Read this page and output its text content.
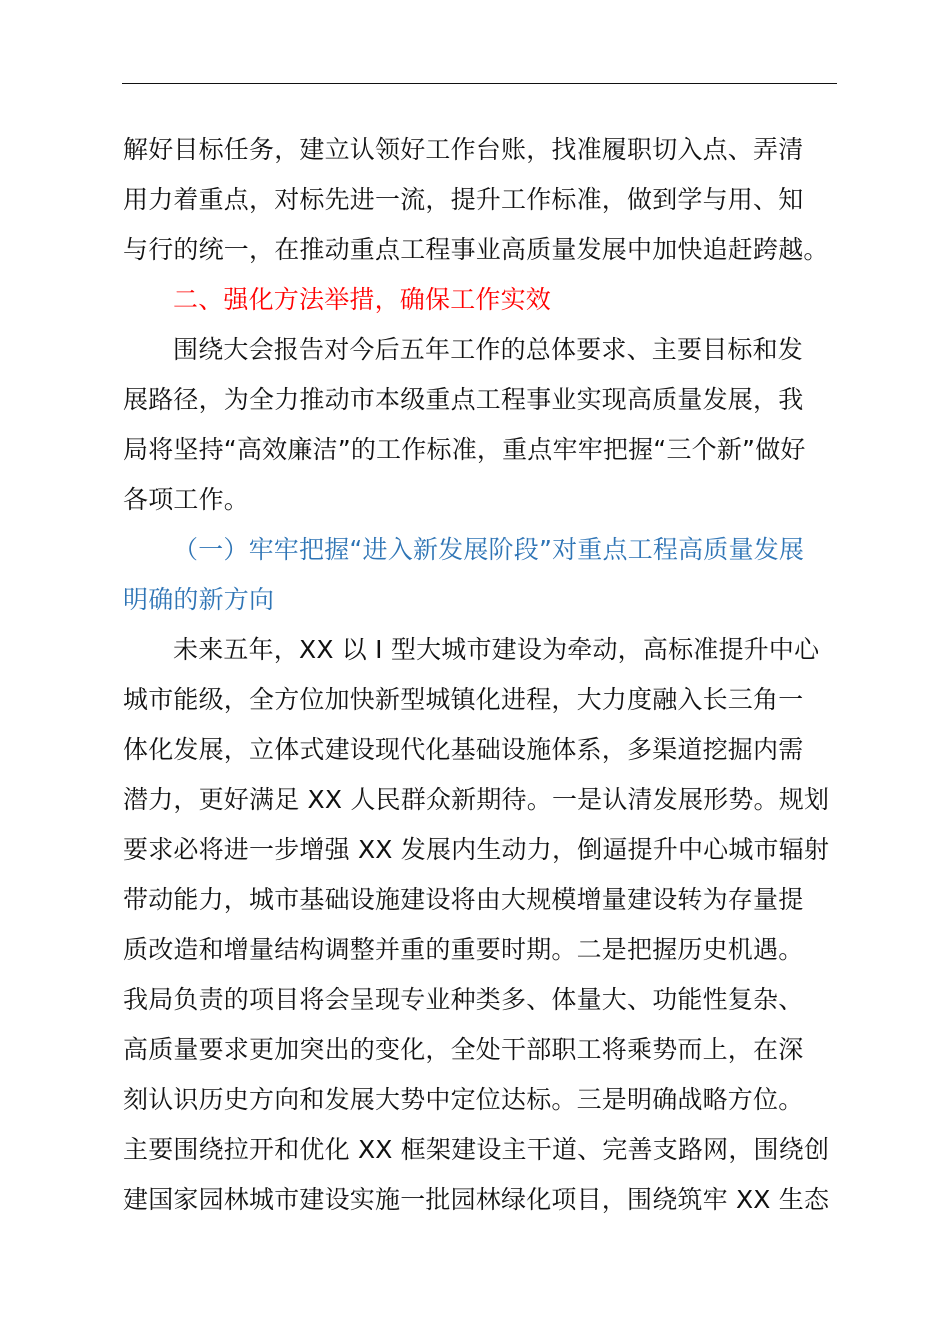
解好目标任务，建立认领好工作台账，找准履职切入点、弄清
用力着重点，对标先进一流，提升工作标准，做到学与用、知
与行的统一，在推动重点工程事业高质量发展中加快追赶跨越。
二、强化方法举措，确保工作实效
围绕大会报告对今后五年工作的总体要求、主要目标和发
展路径，为全力推动市本级重点工程事业实现高质量发展，我
局将坚持“高效廉洁”的工作标准，重点牢牢把握“三个新”做好
各项工作。
（一）牢牢把握“进入新发展阶段”对重点工程高质量发展
明确的新方向
未来五年，XX 以 I 型大城市建设为牵动，高标准提升中心
城市能级，全方位加快新型城镇化进程，大力度融入长三角一
体化发展，立体式建设现代化基础设施体系，多渠道挖掘内需
潜力，更好满足 XX 人民群众新期待。一是认清发展形势。规划
要求必将进一步增强 XX 发展内生动力，倒逼提升中心城市辐射
带动能力，城市基础设施建设将由大规模增量建设转为存量提
质改造和增量结构调整并重的重要时期。二是把握历史机遇。
我局负责的项目将会呈现专业种类多、体量大、功能性复杂、
高质量要求更加突出的变化，全处干部职工将乘势而上，在深
刻认识历史方向和发展大势中定位达标。三是明确战略方位。
主要围绕拉开和优化 XX 框架建设主干道、完善支路网，围绕创
建国家园林城市建设实施一批园林绿化项目，围绕筑牢 XX 生态
